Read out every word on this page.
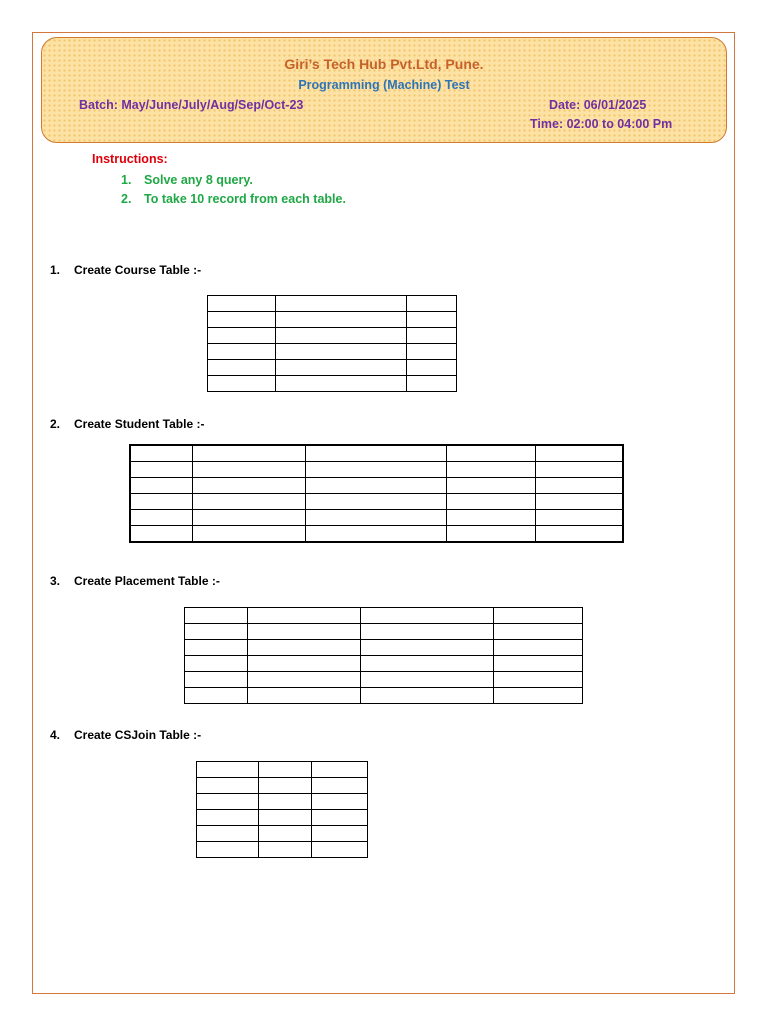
Giri’s Tech Hub Pvt.Ltd, Pune.
Programming (Machine) Test
Batch: May/June/July/Aug/Sep/Oct-23	Date: 06/01/2025
Time: 02:00 to 04:00 Pm
Instructions:
1. Solve any 8 query.
2. To take 10 record from each table.
1. Create Course Table :-

2. Create Student Table :-

3. Create Placement Table :-

4. Create CSJoin Table :-
